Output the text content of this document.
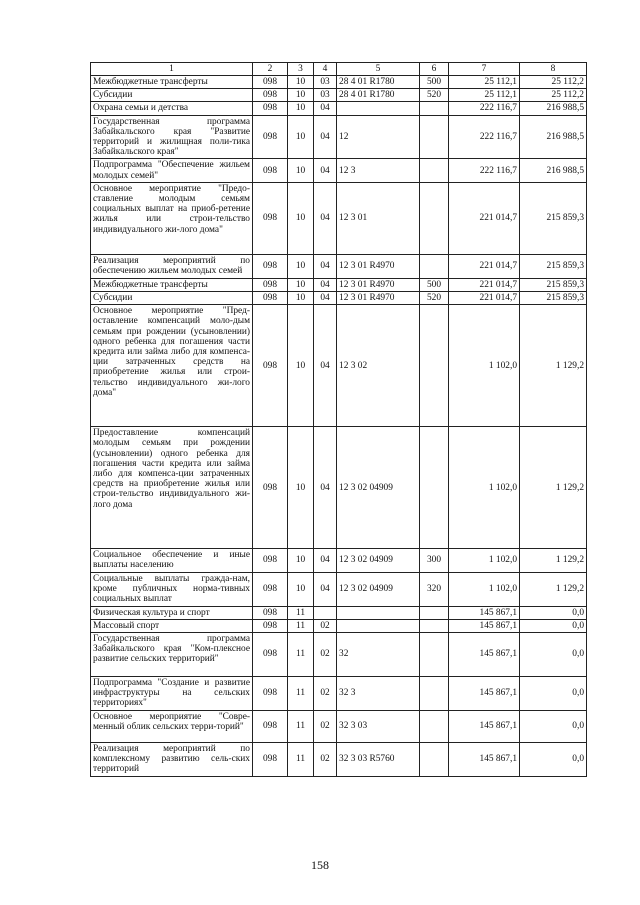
1	2	3	4	5	6	7	8
Межбюджетные трансферты	098	10	03	28 4 01 R1780	500	25 112,1	25 112,2
Субсидии	098	10	03	28 4 01 R1780	520	25 112,1	25 112,2
Охрана семьи и детства	098	10	04			222 116,7	216 988,5
Государственная программа Забайкальского края "Развитие территорий и жилищная поли-тика Забайкальского края"	098	10	04	12		222 116,7	216 988,5
Подпрограмма "Обеспечение жильем молодых семей"	098	10	04	12 3		222 116,7	216 988,5
Основное мероприятие "Предо-ставление молодым семьям социальных выплат на приоб-ретение жилья или строи-тельство индивидуального жи-лого дома"	098	10	04	12 3 01		221 014,7	215 859,3
Реализация мероприятий по обеспечению жильем молодых семей	098	10	04	12 3 01 R4970		221 014,7	215 859,3
Межбюджетные трансферты	098	10	04	12 3 01 R4970	500	221 014,7	215 859,3
Субсидии	098	10	04	12 3 01 R4970	520	221 014,7	215 859,3
Основное мероприятие "Пред-оставление компенсаций моло-дым семьям при рождении (усыновлении) одного ребенка для погашения части кредита или займа либо для компенса-ции затраченных средств на приобретение жилья или строи-тельство индивидуального жи-лого дома"	098	10	04	12 3 02		1 102,0	1 129,2
Предоставление компенсаций молодым семьям при рождении (усыновлении) одного ребенка для погашения части кредита или займа либо для компенса-ции затраченных средств на приобретение жилья или строи-тельство индивидуального жи-лого дома	098	10	04	12 3 02 04909		1 102,0	1 129,2
Социальное обеспечение и иные выплаты населению	098	10	04	12 3 02 04909	300	1 102,0	1 129,2
Социальные выплаты гражда-нам, кроме публичных норма-тивных социальных выплат	098	10	04	12 3 02 04909	320	1 102,0	1 129,2
Физическая культура и спорт	098	11				145 867,1	0,0
Массовый спорт	098	11	02			145 867,1	0,0
Государственная программа Забайкальского края "Ком-плексное развитие сельских территорий"	098	11	02	32		145 867,1	0,0
Подпрограмма "Создание и развитие инфраструктуры на сельских территориях"	098	11	02	32 3		145 867,1	0,0
Основное мероприятие "Совре-менный облик сельских терри-торий"	098	11	02	32 3 03		145 867,1	0,0
Реализация мероприятий по комплексному развитию сель-ских территорий	098	11	02	32 3 03 R5760		145 867,1	0,0
158
